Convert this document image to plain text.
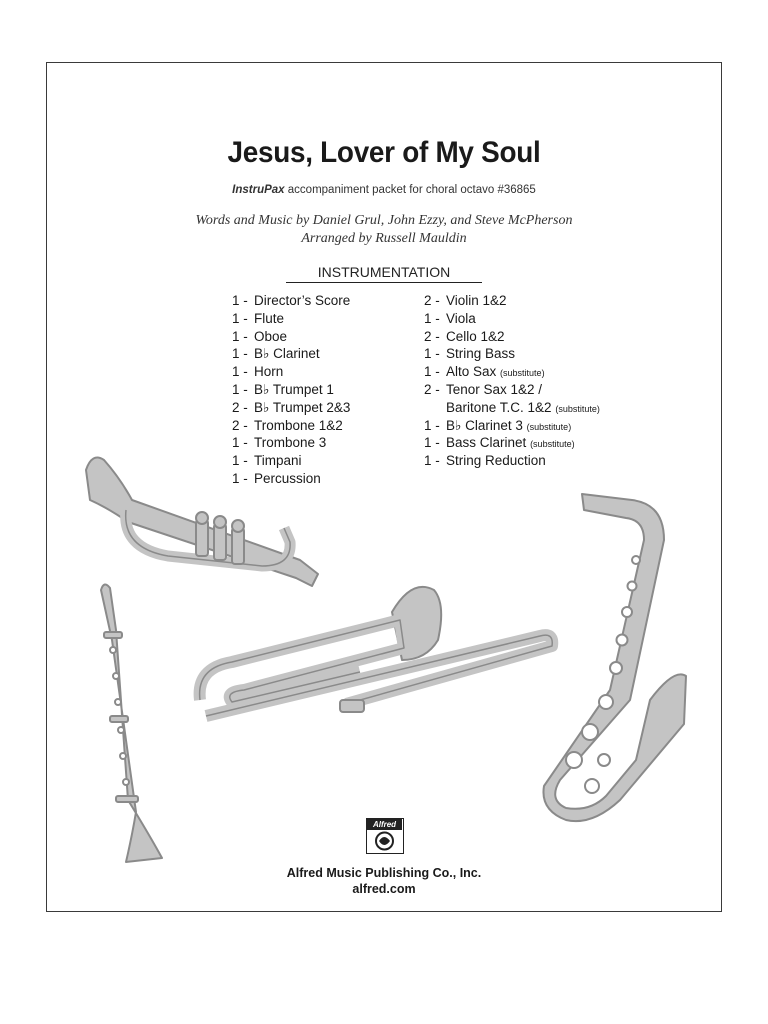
Jesus, Lover of My Soul
InstruPax accompaniment packet for choral octavo #36865
Words and Music by Daniel Grul, John Ezzy, and Steve McPherson
Arranged by Russell Mauldin
INSTRUMENTATION
1 - Director’s Score
1 - Flute
1 - Oboe
1 - B♭ Clarinet
1 - Horn
1 - B♭ Trumpet 1
2 - B♭ Trumpet 2&3
2 - Trombone 1&2
1 - Trombone 3
1 - Timpani
1 - Percussion
2 - Violin 1&2
1 - Viola
2 - Cello 1&2
1 - String Bass
1 - Alto Sax (substitute)
2 - Tenor Sax 1&2 /
Baritone T.C. 1&2 (substitute)
1 - B♭ Clarinet 3 (substitute)
1 - Bass Clarinet (substitute)
1 - String Reduction
Alfred
Alfred Music Publishing Co., Inc.
alfred.com
